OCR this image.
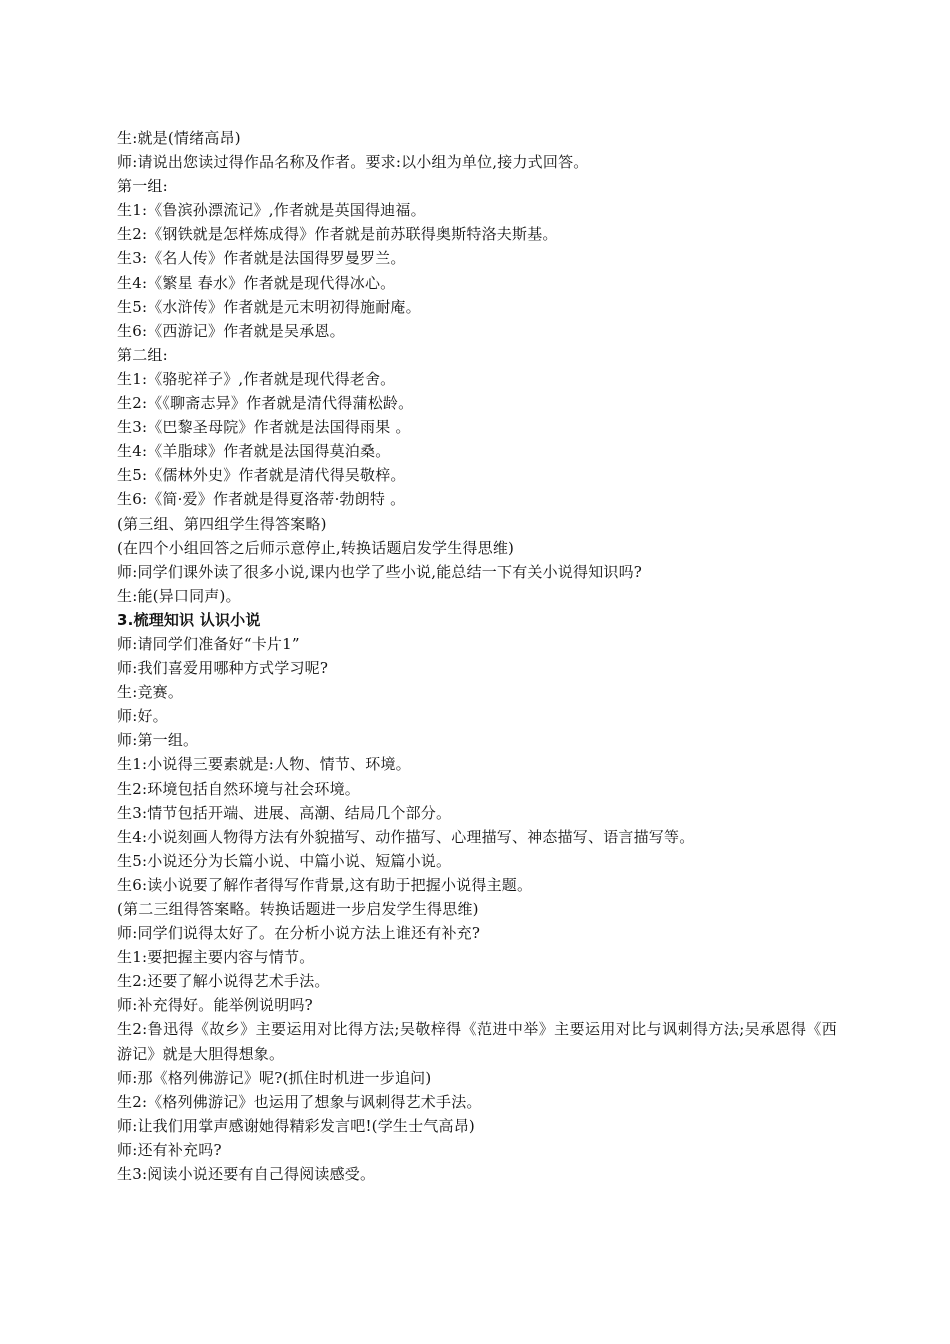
生:就是(情绪高昂)
师:请说出您读过得作品名称及作者。要求:以小组为单位,接力式回答。
第一组:
生1:《鲁滨孙漂流记》,作者就是英国得迪福。
生2:《钢铁就是怎样炼成得》作者就是前苏联得奥斯特洛夫斯基。
生3:《名人传》作者就是法国得罗曼罗兰。
生4:《繁星 春水》作者就是现代得冰心。
生5:《水浒传》作者就是元末明初得施耐庵。
生6:《西游记》作者就是吴承恩。
第二组:
生1:《骆驼祥子》,作者就是现代得老舍。
生2:《《聊斋志异》作者就是清代得蒲松龄。
生3:《巴黎圣母院》作者就是法国得雨果 。
生4:《羊脂球》作者就是法国得莫泊桑。
生5:《儒林外史》作者就是清代得吴敬梓。
生6:《简·爱》作者就是得夏洛蒂·勃朗特 。
(第三组、第四组学生得答案略)
(在四个小组回答之后师示意停止,转换话题启发学生得思维)
师:同学们课外读了很多小说,课内也学了些小说,能总结一下有关小说得知识吗?
生:能(异口同声)。
3.梳理知识 认识小说
师:请同学们准备好“卡片1”
师:我们喜爱用哪种方式学习呢?
生:竞赛。
师:好。
师:第一组。
生1:小说得三要素就是:人物、情节、环境。
生2:环境包括自然环境与社会环境。
生3:情节包括开端、进展、高潮、结局几个部分。
生4:小说刻画人物得方法有外貌描写、动作描写、心理描写、神态描写、语言描写等。
生5:小说还分为长篇小说、中篇小说、短篇小说。
生6:读小说要了解作者得写作背景,这有助于把握小说得主题。
(第二三组得答案略。转换话题进一步启发学生得思维)
师:同学们说得太好了。在分析小说方法上谁还有补充?
生1:要把握主要内容与情节。
生2:还要了解小说得艺术手法。
师:补充得好。能举例说明吗?
生2:鲁迅得《故乡》主要运用对比得方法;吴敬梓得《范进中举》主要运用对比与讽刺得方法;吴承恩得《西游记》就是大胆得想象。
师:那《格列佛游记》呢?(抓住时机进一步追问)
生2:《格列佛游记》也运用了想象与讽刺得艺术手法。
师:让我们用掌声感谢她得精彩发言吧!(学生士气高昂)
师:还有补充吗?
生3:阅读小说还要有自己得阅读感受。
